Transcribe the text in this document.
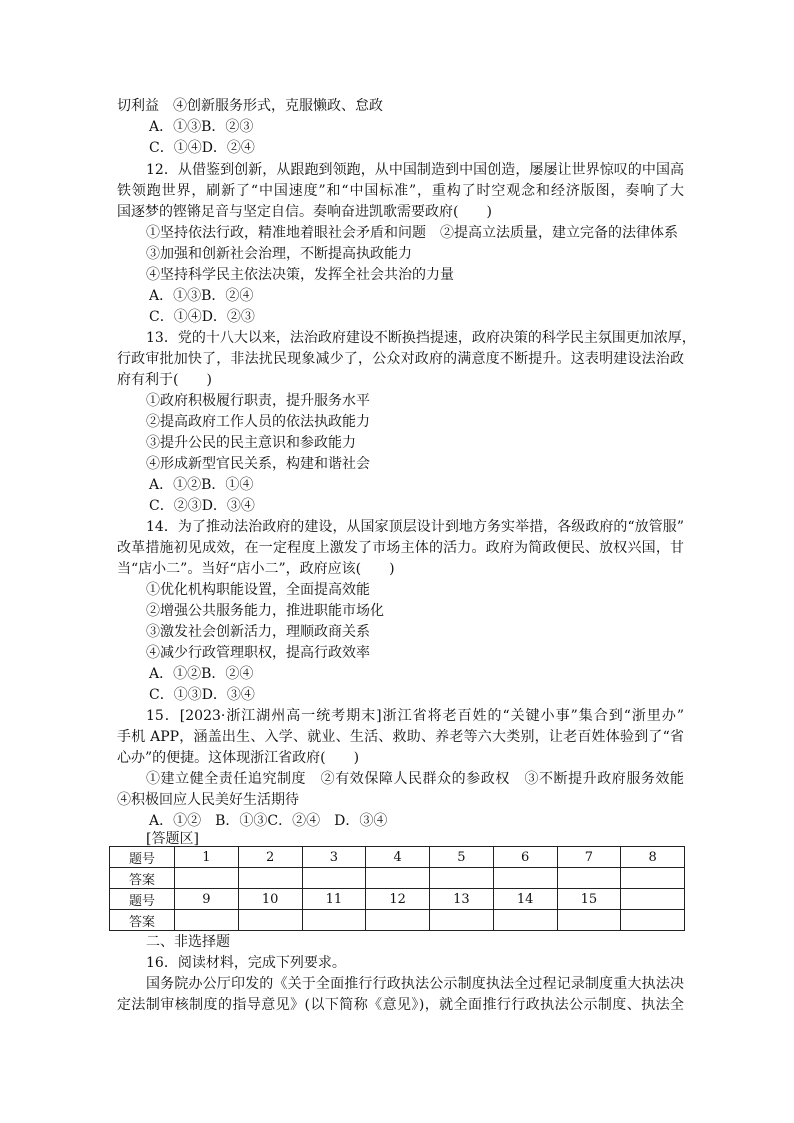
切利益　④创新服务形式，克服懒政、怠政
A．①③B．②③
C．①④D．②④
12．从借鉴到创新，从跟跑到领跑，从中国制造到中国创造，屡屡让世界惊叹的中国高
铁领跑世界，刷新了“中国速度”和“中国标准”，重构了时空观念和经济版图，奏响了大
国逐梦的铿锵足音与坚定自信。奏响奋进凯歌需要政府(　　)
①坚持依法行政，精准地着眼社会矛盾和问题　②提高立法质量，建立完备的法律体系
③加强和创新社会治理，不断提高执政能力
④坚持科学民主依法决策，发挥全社会共治的力量
A．①③B．②④
C．①④D．②③
13．党的十八大以来，法治政府建设不断换挡提速，政府决策的科学民主氛围更加浓厚，
行政审批加快了，非法扰民现象减少了，公众对政府的满意度不断提升。这表明建设法治政
府有利于(　　)
①政府积极履行职责，提升服务水平
②提高政府工作人员的依法执政能力
③提升公民的民主意识和参政能力
④形成新型官民关系，构建和谐社会
A．①②B．①④
C．②③D．③④
14．为了推动法治政府的建设，从国家顶层设计到地方务实举措，各级政府的“放管服”
改革措施初见成效，在一定程度上激发了市场主体的活力。政府为简政便民、放权兴国，甘
当“店小二”。当好“店小二”，政府应该(　　)
①优化机构职能设置，全面提高效能
②增强公共服务能力，推进职能市场化
③激发社会创新活力，理顺政商关系
④减少行政管理职权，提高行政效率
A．①②B．②④
C．①③D．③④
15．[2023·浙江湖州高一统考期末]浙江省将老百姓的“关键小事”集合到“浙里办”
手机 APP，涵盖出生、入学、就业、生活、救助、养老等六大类别，让老百姓体验到了“省
心办”的便捷。这体现浙江省政府(　　)
①建立健全责任追究制度　②有效保障人民群众的参政权　③不断提升政府服务效能
④积极回应人民美好生活期待
A．①②　B．①③C．②④　D．③④
[答题区]
题号	1	2	3	4	5	6	7	8
答案								
题号	9	10	11	12	13	14	15	
答案								
二、非选择题
16．阅读材料，完成下列要求。
国务院办公厅印发的《关于全面推行行政执法公示制度执法全过程记录制度重大执法决
定法制审核制度的指导意见》(以下简称《意见》)，就全面推行行政执法公示制度、执法全
